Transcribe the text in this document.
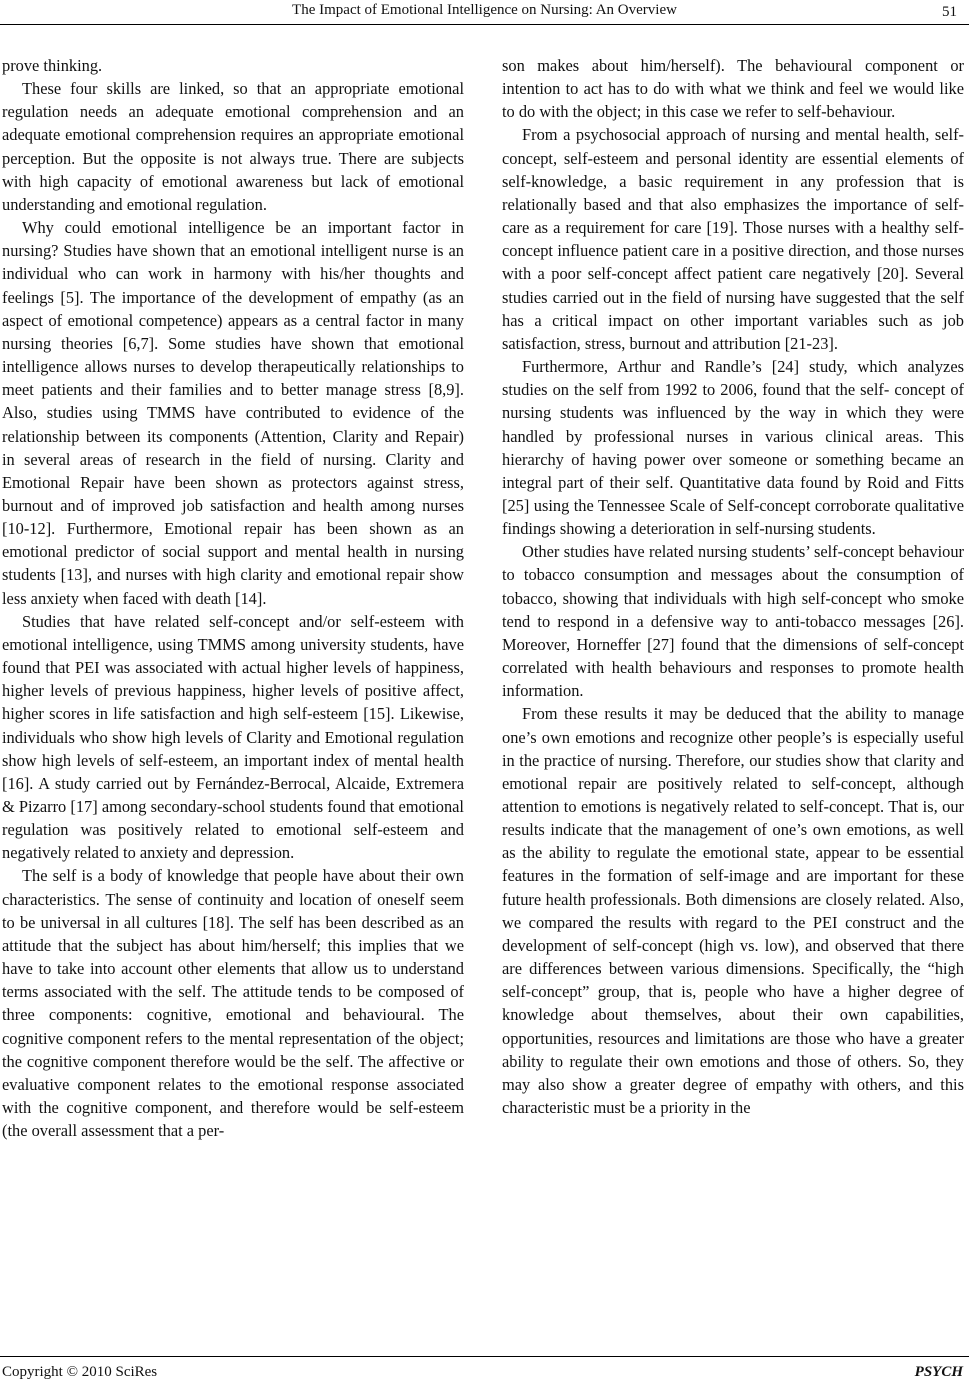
The Impact of Emotional Intelligence on Nursing: An Overview	51

prove thinking.

These four skills are linked, so that an appropriate emotional regulation needs an adequate emotional comprehension and an adequate emotional comprehension requires an appropriate emotional perception. But the opposite is not always true. There are subjects with high capacity of emotional awareness but lack of emotional understanding and emotional regulation.

Why could emotional intelligence be an important factor in nursing? Studies have shown that an emotional intelligent nurse is an individual who can work in harmony with his/her thoughts and feelings [5]. The importance of the development of empathy (as an aspect of emotional competence) appears as a central factor in many nursing theories [6,7]. Some studies have shown that emotional intelligence allows nurses to develop therapeutically relationships to meet patients and their families and to better manage stress [8,9]. Also, studies using TMMS have contributed to evidence of the relationship between its components (Attention, Clarity and Repair) in several areas of research in the field of nursing. Clarity and Emotional Repair have been shown as protectors against stress, burnout and of improved job satisfaction and health among nurses [10-12]. Furthermore, Emotional repair has been shown as an emotional predictor of social support and mental health in nursing students [13], and nurses with high clarity and emotional repair show less anxiety when faced with death [14].

Studies that have related self-concept and/or self-esteem with emotional intelligence, using TMMS among university students, have found that PEI was associated with actual higher levels of happiness, higher levels of previous happiness, higher levels of positive affect, higher scores in life satisfaction and high self-esteem [15]. Likewise, individuals who show high levels of Clarity and Emotional regulation show high levels of self-esteem, an important index of mental health [16]. A study carried out by Fernández-Berrocal, Alcaide, Extremera & Pizarro [17] among secondary-school students found that emotional regulation was positively related to emotional self-esteem and negatively related to anxiety and depression.

The self is a body of knowledge that people have about their own characteristics. The sense of continuity and location of oneself seem to be universal in all cultures [18]. The self has been described as an attitude that the subject has about him/herself; this implies that we have to take into account other elements that allow us to understand terms associated with the self. The attitude tends to be composed of three components: cognitive, emotional and behavioural. The cognitive component refers to the mental representation of the object; the cognitive component therefore would be the self. The affective or evaluative component relates to the emotional response associated with the cognitive component, and therefore would be self-esteem (the overall assessment that a per-

son makes about him/herself). The behavioural component or intention to act has to do with what we think and feel we would like to do with the object; in this case we refer to self-behaviour.

From a psychosocial approach of nursing and mental health, self-concept, self-esteem and personal identity are essential elements of self-knowledge, a basic requirement in any profession that is relationally based and that also emphasizes the importance of self-care as a requirement for care [19]. Those nurses with a healthy self-concept influence patient care in a positive direction, and those nurses with a poor self-concept affect patient care negatively [20]. Several studies carried out in the field of nursing have suggested that the self has a critical impact on other important variables such as job satisfaction, stress, burnout and attribution [21-23].

Furthermore, Arthur and Randle’s [24] study, which analyzes studies on the self from 1992 to 2006, found that the self- concept of nursing students was influenced by the way in which they were handled by professional nurses in various clinical areas. This hierarchy of having power over someone or something became an integral part of their self. Quantitative data found by Roid and Fitts [25] using the Tennessee Scale of Self-concept corroborate qualitative findings showing a deterioration in self-nursing students.

Other studies have related nursing students’ self-concept behaviour to tobacco consumption and messages about the consumption of tobacco, showing that individuals with high self-concept who smoke tend to respond in a defensive way to anti-tobacco messages [26]. Moreover, Horneffer [27] found that the dimensions of self-concept correlated with health behaviours and responses to promote health information.

From these results it may be deduced that the ability to manage one’s own emotions and recognize other people’s is especially useful in the practice of nursing. Therefore, our studies show that clarity and emotional repair are positively related to self-concept, although attention to emotions is negatively related to self-concept. That is, our results indicate that the management of one’s own emotions, as well as the ability to regulate the emotional state, appear to be essential features in the formation of self-image and are important for these future health professionals. Both dimensions are closely related. Also, we compared the results with regard to the PEI construct and the development of self-concept (high vs. low), and observed that there are differences between various dimensions. Specifically, the “high self-concept” group, that is, people who have a higher degree of knowledge about themselves, about their own capabilities, opportunities, resources and limitations are those who have a greater ability to regulate their own emotions and those of others. So, they may also show a greater degree of empathy with others, and this characteristic must be a priority in the

Copyright © 2010 SciRes	PSYCH
